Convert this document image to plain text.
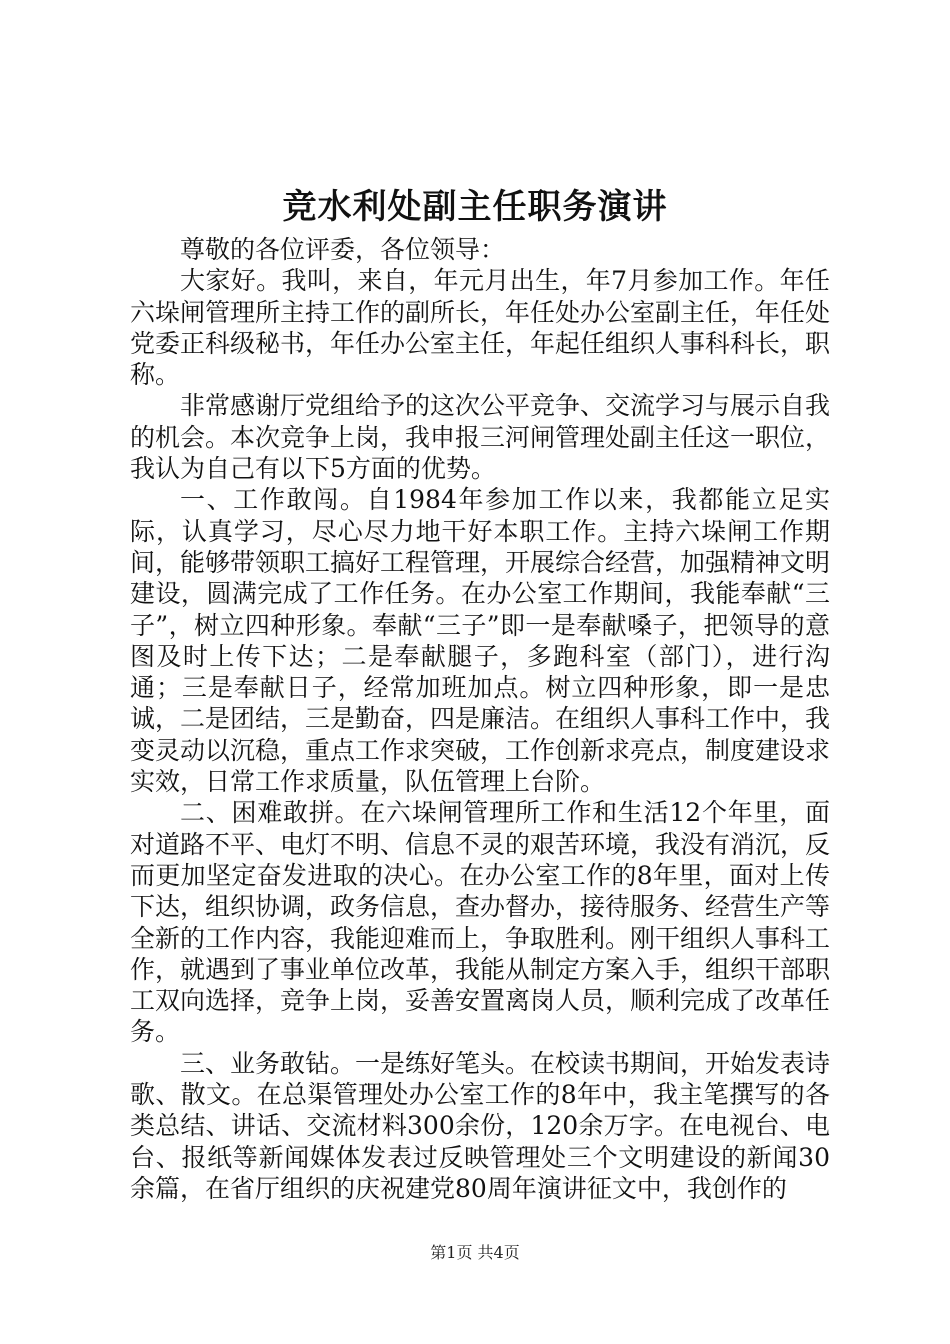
竞水利处副主任职务演讲

尊敬的各位评委，各位领导：

大家好。我叫，来自，年元月出生，年7月参加工作。年任六垛闸管理所主持工作的副所长，年任处办公室副主任，年任处党委正科级秘书，年任办公室主任，年起任组织人事科科长，职称。

非常感谢厅党组给予的这次公平竞争、交流学习与展示自我的机会。本次竞争上岗，我申报三河闸管理处副主任这一职位，我认为自己有以下5方面的优势。

一、工作敢闯。自1984年参加工作以来，我都能立足实际，认真学习，尽心尽力地干好本职工作。主持六垛闸工作期间，能够带领职工搞好工程管理，开展综合经营，加强精神文明建设，圆满完成了工作任务。在办公室工作期间，我能奉献“三子”，树立四种形象。奉献“三子”即一是奉献嗓子，把领导的意图及时上传下达；二是奉献腿子，多跑科室（部门），进行沟通；三是奉献日子，经常加班加点。树立四种形象，即一是忠诚，二是团结，三是勤奋，四是廉洁。在组织人事科工作中，我变灵动以沉稳，重点工作求突破，工作创新求亮点，制度建设求实效，日常工作求质量，队伍管理上台阶。

二、困难敢拼。在六垛闸管理所工作和生活12个年里，面对道路不平、电灯不明、信息不灵的艰苦环境，我没有消沉，反而更加坚定奋发进取的决心。在办公室工作的8年里，面对上传下达，组织协调，政务信息，查办督办，接待服务、经营生产等全新的工作内容，我能迎难而上，争取胜利。刚干组织人事科工作，就遇到了事业单位改革，我能从制定方案入手，组织干部职工双向选择，竞争上岗，妥善安置离岗人员，顺利完成了改革任务。

三、业务敢钻。一是练好笔头。在校读书期间，开始发表诗歌、散文。在总渠管理处办公室工作的8年中，我主笔撰写的各类总结、讲话、交流材料300余份，120余万字。在电视台、电台、报纸等新闻媒体发表过反映管理处三个文明建设的新闻30余篇，在省厅组织的庆祝建党80周年演讲征文中，我创作的

第1页 共4页
